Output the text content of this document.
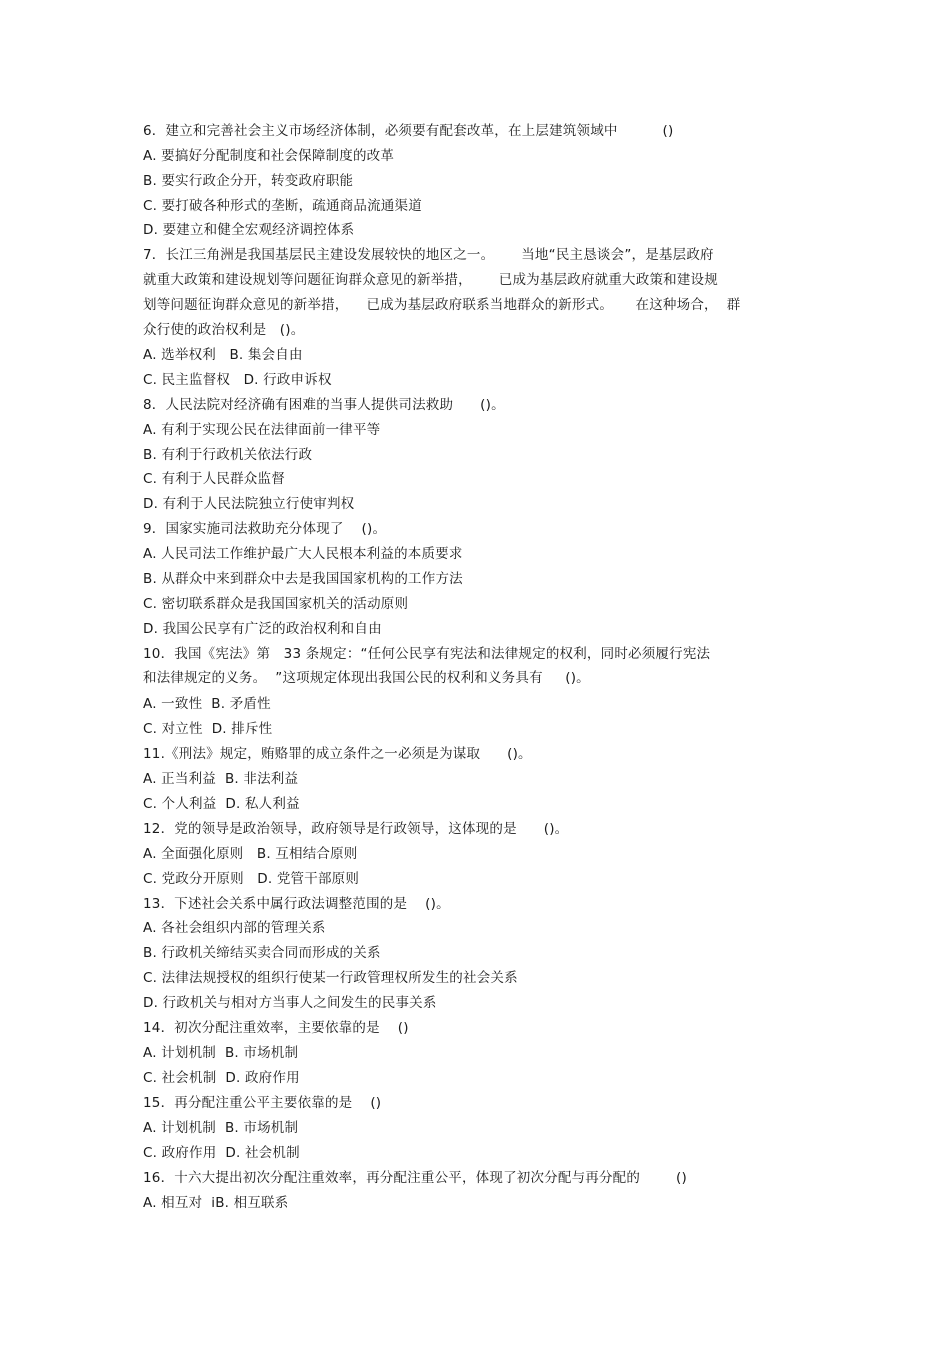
6．建立和完善社会主义市场经济体制，必须要有配套改革，在上层建筑领域中          ()
A. 要搞好分配制度和社会保障制度的改革
B. 要实行政企分开，转变政府职能
C. 要打破各种形式的垄断，疏通商品流通渠道
D. 要建立和健全宏观经济调控体系
7．长江三角洲是我国基层民主建设发展较快的地区之一。      当地“民主恳谈会”，是基层政府
就重大政策和建设规划等问题征询群众意见的新举措，      已成为基层政府就重大政策和建设规
划等问题征询群众意见的新举措，    已成为基层政府联系当地群众的新形式。     在这种场合，  群
众行使的政治权利是   ()。
A. 选举权利   B. 集会自由
C. 民主监督权   D. 行政申诉权
8．人民法院对经济确有困难的当事人提供司法救助      ()。
A. 有利于实现公民在法律面前一律平等
B. 有利于行政机关依法行政
C. 有利于人民群众监督
D. 有利于人民法院独立行使审判权
9．国家实施司法救助充分体现了    ()。
A. 人民司法工作维护最广大人民根本利益的本质要求
B. 从群众中来到群众中去是我国国家机构的工作方法
C. 密切联系群众是我国国家机关的活动原则
D. 我国公民享有广泛的政治权利和自由
10．我国《宪法》第   33 条规定：“任何公民享有宪法和法律规定的权利，同时必须履行宪法
和法律规定的义务。  ”这项规定体现出我国公民的权利和义务具有     ()。
A. 一致性  B. 矛盾性
C. 对立性  D. 排斥性
11.《刑法》规定，贿赂罪的成立条件之一必须是为谋取      ()。
A. 正当利益  B. 非法利益
C. 个人利益  D. 私人利益
12．党的领导是政治领导，政府领导是行政领导，这体现的是      ()。
A. 全面强化原则   B. 互相结合原则
C. 党政分开原则   D. 党管干部原则
13．下述社会关系中属行政法调整范围的是    ()。
A. 各社会组织内部的管理关系
B. 行政机关缔结买卖合同而形成的关系
C. 法律法规授权的组织行使某一行政管理权所发生的社会关系
D. 行政机关与相对方当事人之间发生的民事关系
14．初次分配注重效率，主要依靠的是    ()
A. 计划机制  B. 市场机制
C. 社会机制  D. 政府作用
15．再分配注重公平主要依靠的是    ()
A. 计划机制  B. 市场机制
C. 政府作用  D. 社会机制
16．十六大提出初次分配注重效率，再分配注重公平，体现了初次分配与再分配的        ()
A. 相互对  iB. 相互联系
